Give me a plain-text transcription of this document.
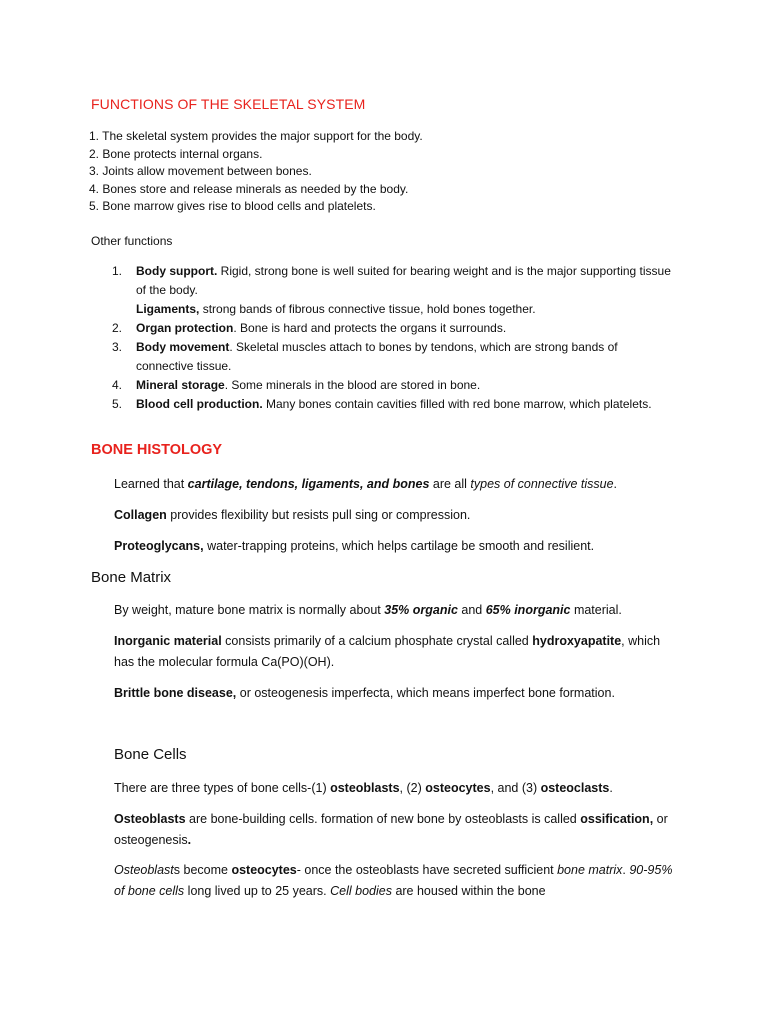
FUNCTIONS OF THE SKELETAL SYSTEM
1. The skeletal system provides the major support for the body.
2. Bone protects internal organs.
3. Joints allow movement between bones.
4. Bones store and release minerals as needed by the body.
5. Bone marrow gives rise to blood cells and platelets.
Other functions
1. Body support. Rigid, strong bone is well suited for bearing weight and is the major supporting tissue of the body.
Ligaments, strong bands of fibrous connective tissue, hold bones together.
2. Organ protection. Bone is hard and protects the organs it surrounds.
3. Body movement. Skeletal muscles attach to bones by tendons, which are strong bands of connective tissue.
4. Mineral storage. Some minerals in the blood are stored in bone.
5. Blood cell production. Many bones contain cavities filled with red bone marrow, which platelets.
BONE HISTOLOGY
Learned that cartilage, tendons, ligaments, and bones are all types of connective tissue.
Collagen provides flexibility but resists pull sing or compression.
Proteoglycans, water-trapping proteins, which helps cartilage be smooth and resilient.
Bone Matrix
By weight, mature bone matrix is normally about 35% organic and 65% inorganic material.
Inorganic material consists primarily of a calcium phosphate crystal called hydroxyapatite, which has the molecular formula Ca(PO)(OH).
Brittle bone disease, or osteogenesis imperfecta, which means imperfect bone formation.
Bone Cells
There are three types of bone cells-(1) osteoblasts, (2) osteocytes, and (3) osteoclasts.
Osteoblasts are bone-building cells. formation of new bone by osteoblasts is called ossification, or osteogenesis.
Osteoblasts become osteocytes- once the osteoblasts have secreted sufficient bone matrix. 90-95% of bone cells long lived up to 25 years. Cell bodies are housed within the bone
